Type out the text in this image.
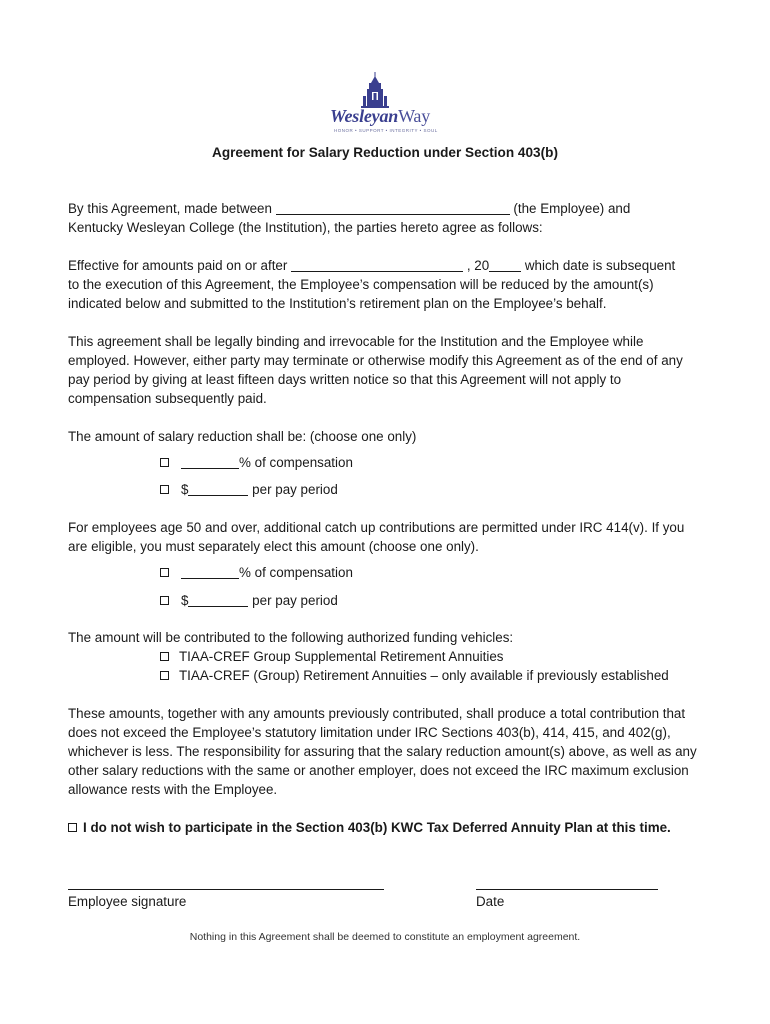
WesleyanWay
HONOR • SUPPORT • INTEGRITY • SOUL
Agreement for Salary Reduction under Section 403(b)
By this Agreement, made between	(the Employee) and
Kentucky Wesleyan College (the Institution), the parties hereto agree as follows:
Effective for amounts paid on or after	, 20	which date is subsequent
to the execution of this Agreement, the Employee’s compensation will be reduced by the amount(s)
indicated below and submitted to the Institution’s retirement plan on the Employee’s behalf.
This agreement shall be legally binding and irrevocable for the Institution and the Employee while employed. However, either party may terminate or otherwise modify this Agreement as of the end of any pay period by giving at least fifteen days written notice so that this Agreement will not apply to compensation subsequently paid.
The amount of salary reduction shall be: (choose one only)
% of compensation
$	per pay period
For employees age 50 and over, additional catch up contributions are permitted under IRC 414(v). If you are eligible, you must separately elect this amount (choose one only).
% of compensation
$	per pay period
The amount will be contributed to the following authorized funding vehicles:
TIAA-CREF Group Supplemental Retirement Annuities
TIAA-CREF (Group) Retirement Annuities – only available if previously established
These amounts, together with any amounts previously contributed, shall produce a total contribution that does not exceed the Employee’s statutory limitation under IRC Sections 403(b), 414, 415, and 402(g), whichever is less. The responsibility for assuring that the salary reduction amount(s) above, as well as any other salary reductions with the same or another employer, does not exceed the IRC maximum exclusion allowance rests with the Employee.
I do not wish to participate in the Section 403(b) KWC Tax Deferred Annuity Plan at this time.
Employee signature	Date
Nothing in this Agreement shall be deemed to constitute an employment agreement.
